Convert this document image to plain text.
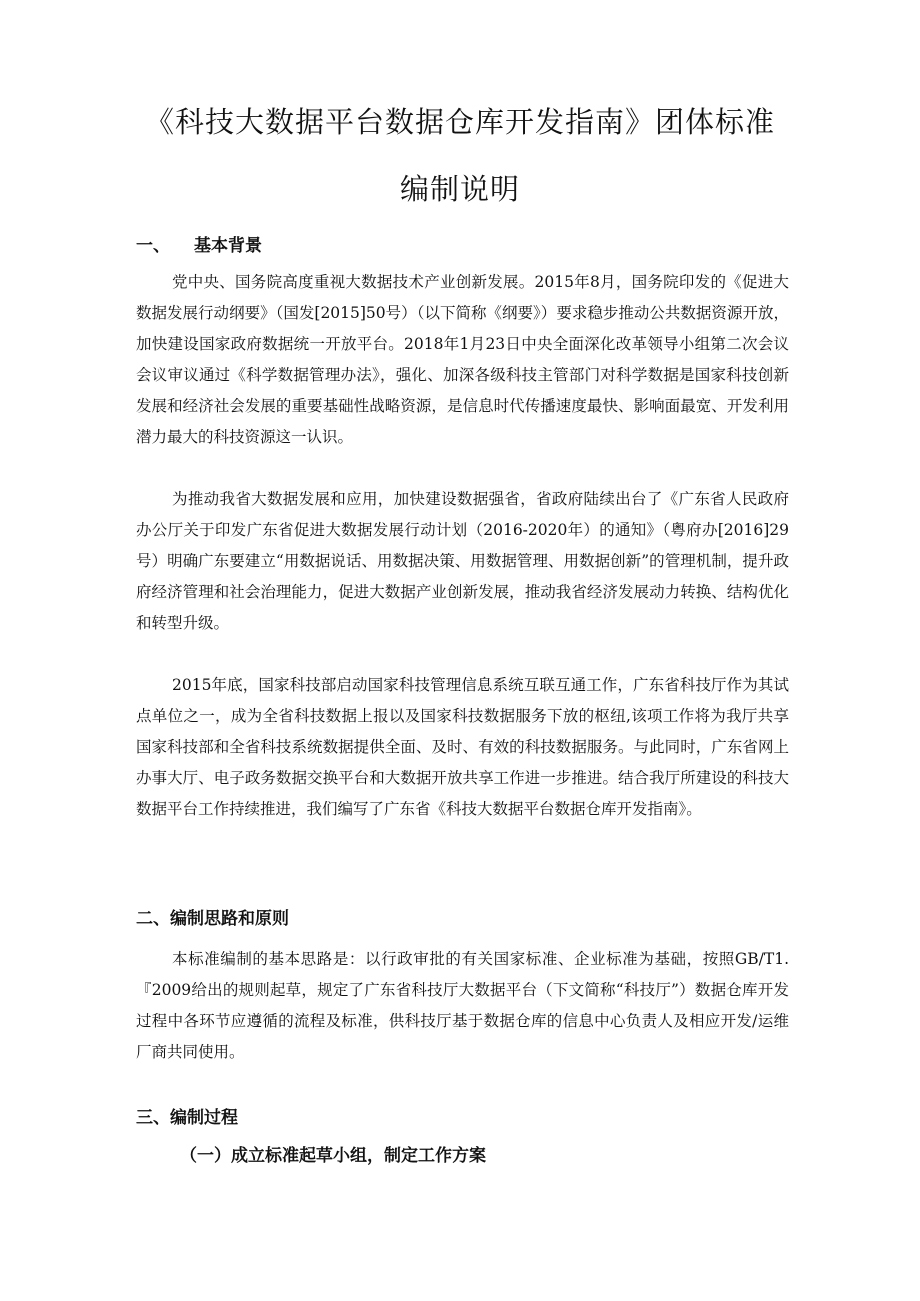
《科技大数据平台数据仓库开发指南》团体标准
编制说明
一、 基本背景

党中央、国务院高度重视大数据技术产业创新发展。2015年8月，国务院印发的《促进大数据发展行动纲要》（国发[2015]50号）（以下简称《纲要》）要求稳步推动公共数据资源开放，加快建设国家政府数据统一开放平台。2018年1月23日中央全面深化改革领导小组第二次会议会议审议通过《科学数据管理办法》，强化、加深各级科技主管部门对科学数据是国家科技创新发展和经济社会发展的重要基础性战略资源，是信息时代传播速度最快、影响面最宽、开发利用潜力最大的科技资源这一认识。

为推动我省大数据发展和应用，加快建设数据强省，省政府陆续出台了《广东省人民政府办公厅关于印发广东省促进大数据发展行动计划（2016-2020年）的通知》（粤府办[2016]29号）明确广东要建立“用数据说话、用数据决策、用数据管理、用数据创新”的管理机制，提升政府经济管理和社会治理能力，促进大数据产业创新发展，推动我省经济发展动力转换、结构优化和转型升级。

2015年底，国家科技部启动国家科技管理信息系统互联互通工作，广东省科技厅作为其试点单位之一，成为全省科技数据上报以及国家科技数据服务下放的枢纽,该项工作将为我厅共享国家科技部和全省科技系统数据提供全面、及时、有效的科技数据服务。与此同时，广东省网上办事大厅、电子政务数据交换平台和大数据开放共享工作进一步推进。结合我厅所建设的科技大数据平台工作持续推进，我们编写了广东省《科技大数据平台数据仓库开发指南》。

二、编制思路和原则

本标准编制的基本思路是：以行政审批的有关国家标准、企业标准为基础，按照GB/T1.『2009给出的规则起草，规定了广东省科技厅大数据平台（下文简称“科技厅”）数据仓库开发过程中各环节应遵循的流程及标准，供科技厅基于数据仓库的信息中心负责人及相应开发/运维厂商共同使用。

三、编制过程
（一）成立标准起草小组，制定工作方案
